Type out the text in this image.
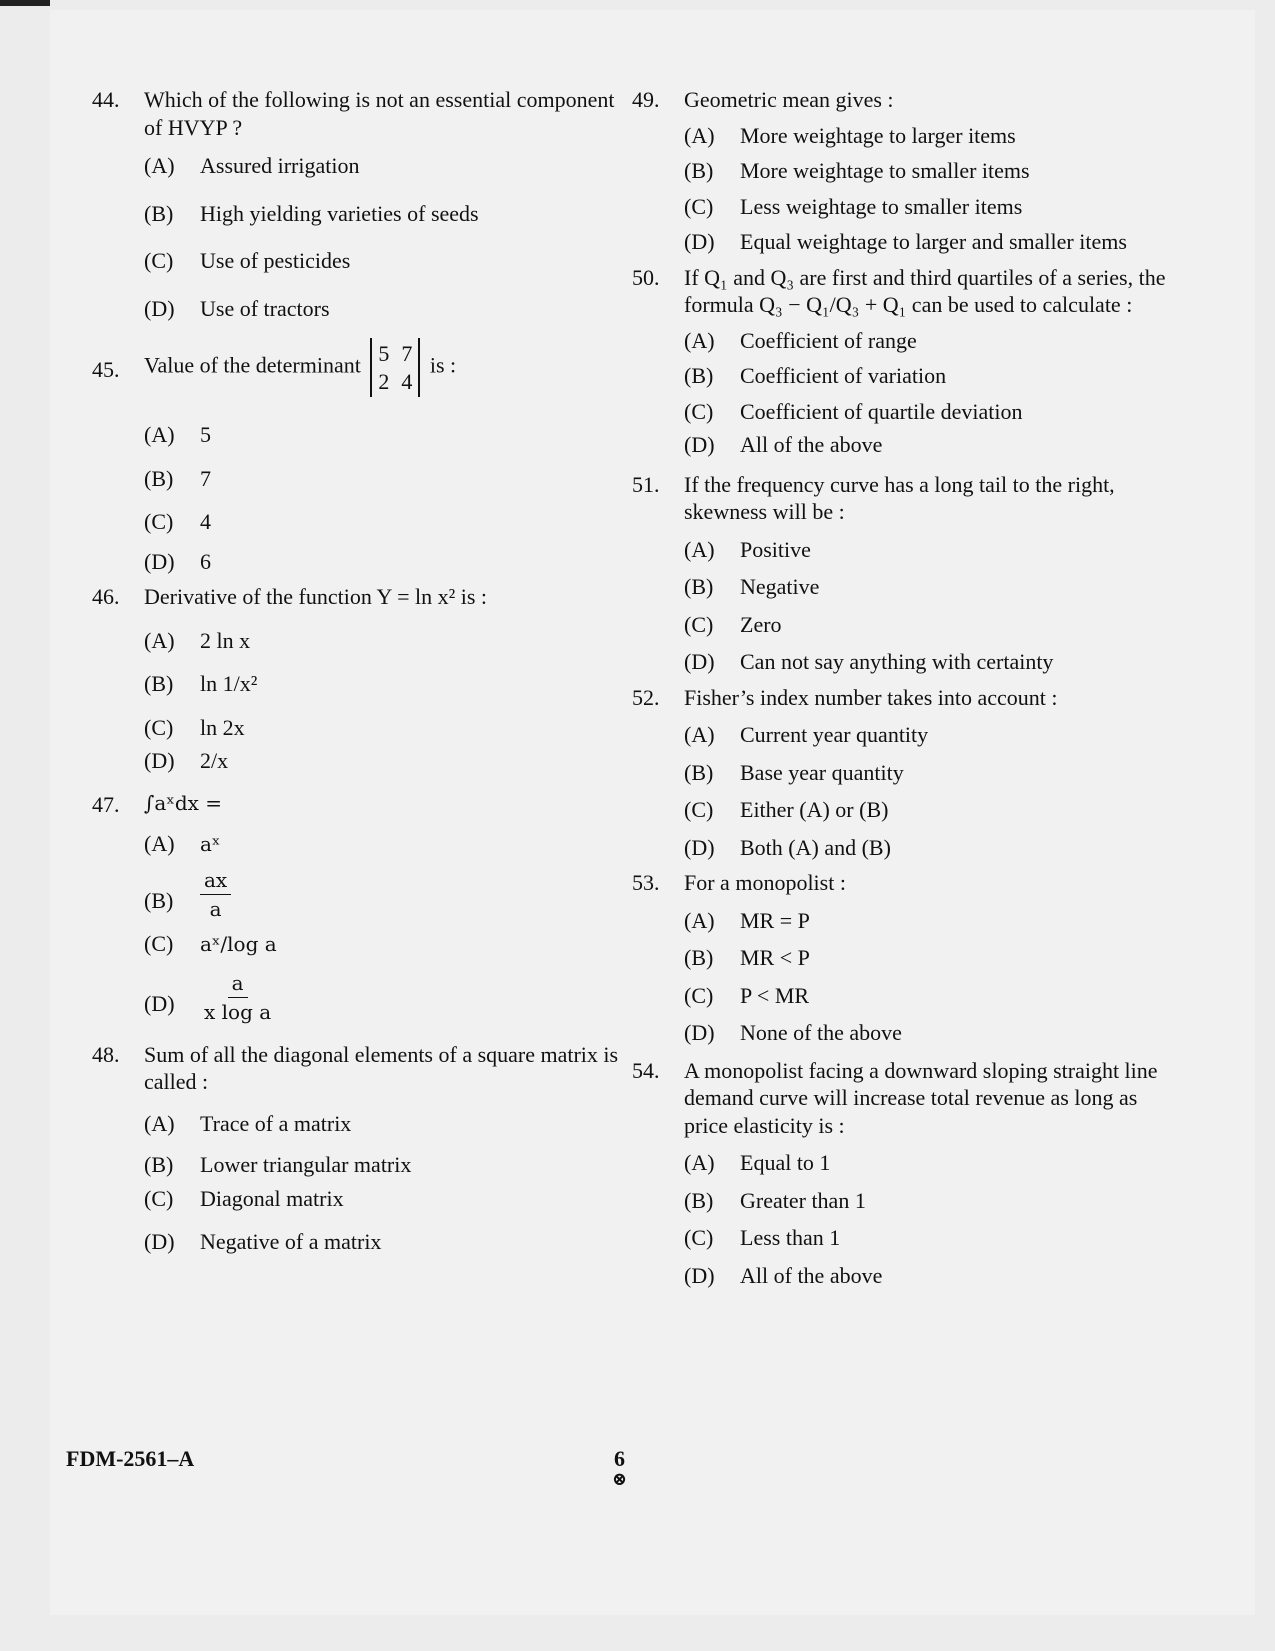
44. Which of the following is not an essential component of HVYP ?
(A) Assured irrigation
(B) High yielding varieties of seeds
(C) Use of pesticides
(D) Use of tractors
45. Value of the determinant 5 7
2 4
is :
(A) 5
(B) 7
(C) 4
(D) 6
46. Derivative of the function Y = ln x² is :
(A) 2 ln x
(B) ln 1/x²
(C) ln 2x
(D) 2/x
47. ∫aˣdx =
(A) aˣ
$(B) \frac{ax}{a}$
(C) aˣ/log a
$(D) \frac{a}{\text{x log a}}$
48. Sum of all the diagonal elements of a square matrix is called :
(A) Trace of a matrix
(B) Lower triangular matrix
(C) Diagonal matrix
(D) Negative of a matrix
49. Geometric mean gives :
(A) More weightage to larger items
(B) More weightage to smaller items
(C) Less weightage to smaller items
(D) Equal weightage to larger and smaller items
50. If Q₁ and Q₃ are first and third quartiles of a series, the formula Q₃ − Q₁/Q₃ + Q₁ can be used to calculate :
(A) Coefficient of range
(B) Coefficient of variation
(C) Coefficient of quartile deviation
(D) All of the above
51. If the frequency curve has a long tail to the right, skewness will be :
(A) Positive
(B) Negative
(C) Zero
(D) Can not say anything with certainty
52. Fisher’s index number takes into account :
(A) Current year quantity
(B) Base year quantity
(C) Either (A) or (B)
(D) Both (A) and (B)
53. For a monopolist :
(A) MR = P
(B) MR < P
(C) P < MR
(D) None of the above
54. A monopolist facing a downward sloping straight line demand curve will increase total revenue as long as price elasticity is :
(A) Equal to 1
(B) Greater than 1
(C) Less than 1
(D) All of the above
FDM-2561–A	6
⊗
